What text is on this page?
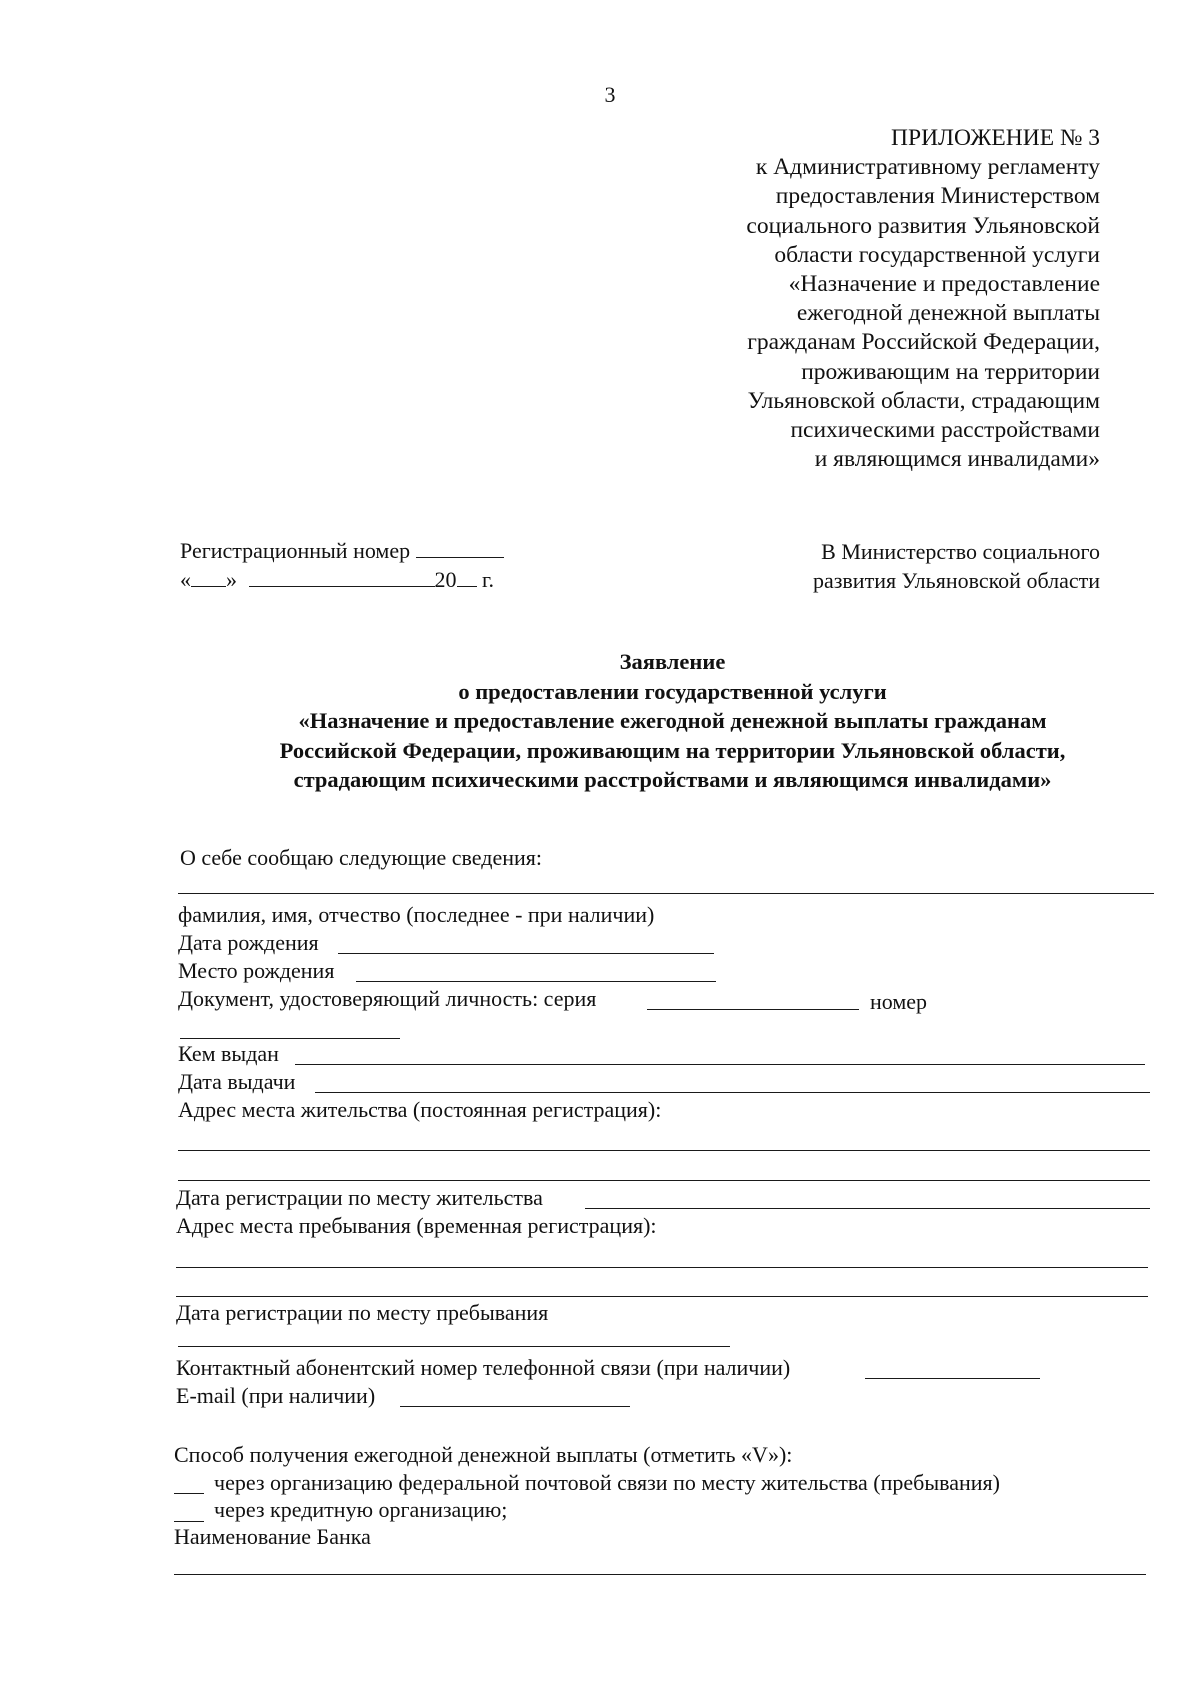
3
ПРИЛОЖЕНИЕ № 3
к Административному регламенту
предоставления Министерством
социального развития Ульяновской
области государственной услуги
«Назначение и предоставление
ежегодной денежной выплаты
гражданам Российской Федерации,
проживающим на территории
Ульяновской области, страдающим
психическими расстройствами
и являющимся инвалидами»
Регистрационный номер
« »	20 г.
В Министерство социального
развития Ульяновской области
Заявление
о предоставлении государственной услуги
«Назначение и предоставление ежегодной денежной выплаты гражданам
Российской Федерации, проживающим на территории Ульяновской области,
страдающим психическими расстройствами и являющимся инвалидами»
О себе сообщаю следующие сведения:
фамилия, имя, отчество (последнее - при наличии)
Дата рождения
Место рождения
Документ, удостоверяющий личность: серия	номер
Кем выдан
Дата выдачи
Адрес места жительства (постоянная регистрация):
Дата регистрации по месту жительства
Адрес места пребывания (временная регистрация):
Дата регистрации по месту пребывания
Контактный абонентский номер телефонной связи (при наличии)
E-mail (при наличии)
Способ получения ежегодной денежной выплаты (отметить «V»):
через организацию федеральной почтовой связи по месту жительства (пребывания)
через кредитную организацию;
Наименование Банка
